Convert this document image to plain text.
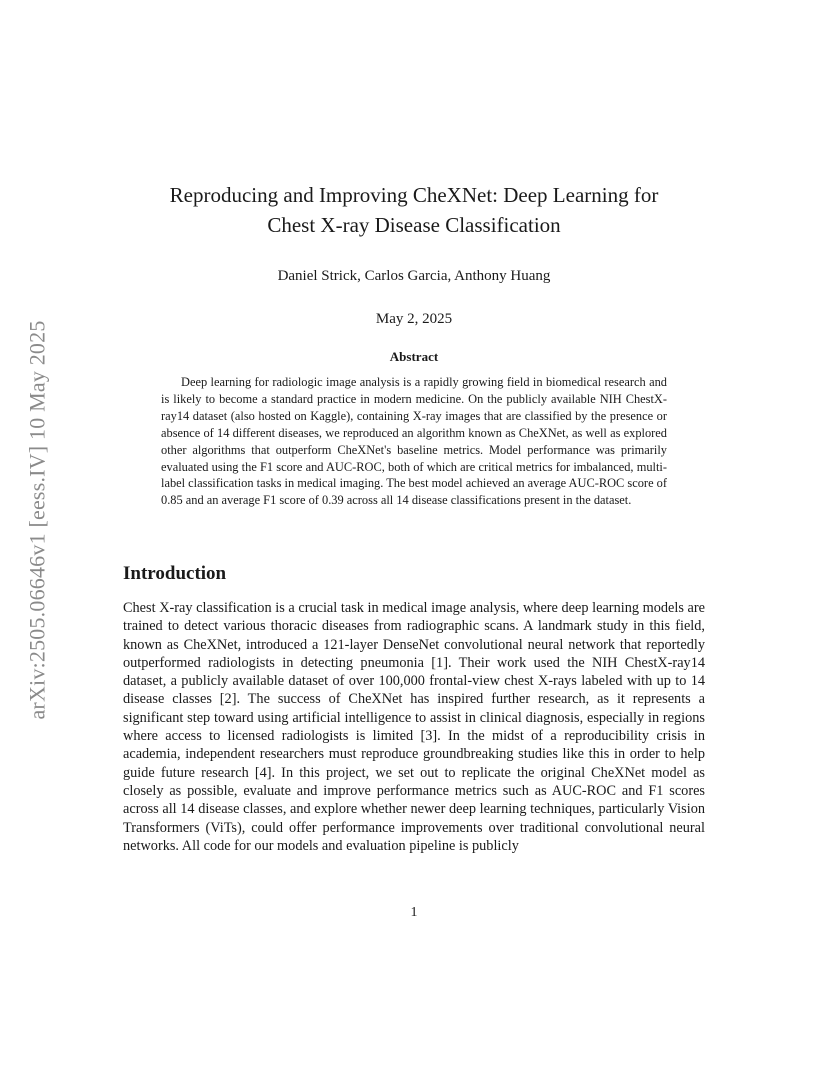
arXiv:2505.06646v1 [eess.IV] 10 May 2025
Reproducing and Improving CheXNet: Deep Learning for
Chest X-ray Disease Classification
Daniel Strick, Carlos Garcia, Anthony Huang
May 2, 2025
Abstract
Deep learning for radiologic image analysis is a rapidly growing field in biomedical research and is likely to become a standard practice in modern medicine. On the publicly available NIH ChestX-ray14 dataset (also hosted on Kaggle), containing X-ray images that are classified by the presence or absence of 14 different diseases, we reproduced an algorithm known as CheXNet, as well as explored other algorithms that outperform CheXNet's baseline metrics. Model performance was primarily evaluated using the F1 score and AUC-ROC, both of which are critical metrics for imbalanced, multi-label classification tasks in medical imaging. The best model achieved an average AUC-ROC score of 0.85 and an average F1 score of 0.39 across all 14 disease classifications present in the dataset.
Introduction
Chest X-ray classification is a crucial task in medical image analysis, where deep learning models are trained to detect various thoracic diseases from radiographic scans. A landmark study in this field, known as CheXNet, introduced a 121-layer DenseNet convolutional neural network that reportedly outperformed radiologists in detecting pneumonia [1]. Their work used the NIH ChestX-ray14 dataset, a publicly available dataset of over 100,000 frontal-view chest X-rays labeled with up to 14 disease classes [2]. The success of CheXNet has inspired further research, as it represents a significant step toward using artificial intelligence to assist in clinical diagnosis, especially in regions where access to licensed radiologists is limited [3]. In the midst of a reproducibility crisis in academia, independent researchers must reproduce groundbreaking studies like this in order to help guide future research [4]. In this project, we set out to replicate the original CheXNet model as closely as possible, evaluate and improve performance metrics such as AUC-ROC and F1 scores across all 14 disease classes, and explore whether newer deep learning techniques, particularly Vision Transformers (ViTs), could offer performance improvements over traditional convolutional neural networks. All code for our models and evaluation pipeline is publicly
1
